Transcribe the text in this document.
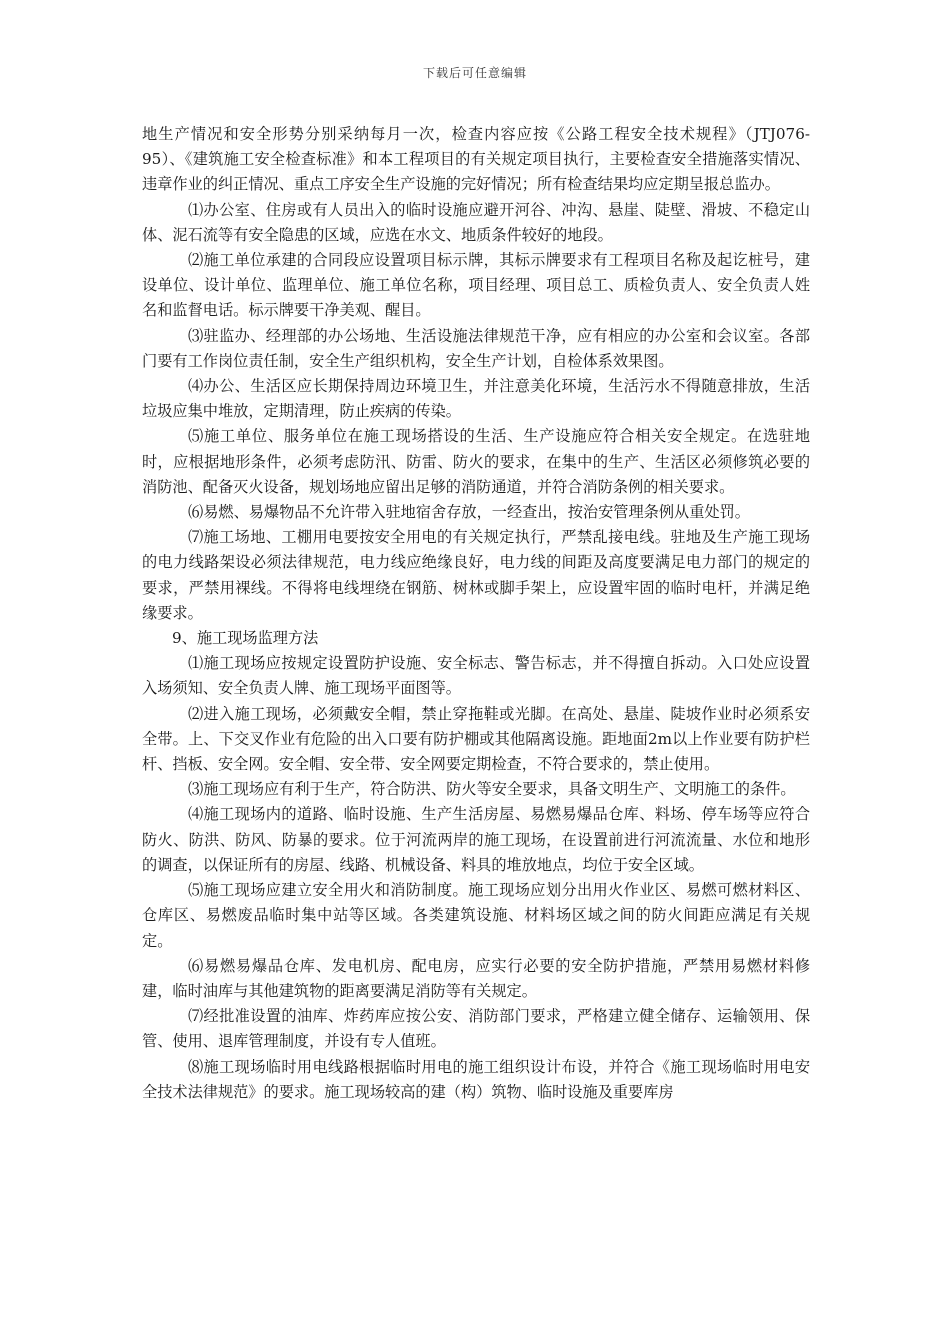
下载后可任意编辑

地生产情况和安全形势分别采纳每月一次，检查内容应按《公路工程安全技术规程》（JTJ076-95）、《建筑施工安全检查标准》和本工程项目的有关规定项目执行，主要检查安全措施落实情况、违章作业的纠正情况、重点工序安全生产设施的完好情况；所有检查结果均应定期呈报总监办。

⑴办公室、住房或有人员出入的临时设施应避开河谷、冲沟、悬崖、陡壁、滑坡、不稳定山体、泥石流等有安全隐患的区域，应选在水文、地质条件较好的地段。

⑵施工单位承建的合同段应设置项目标示牌，其标示牌要求有工程项目名称及起讫桩号，建设单位、设计单位、监理单位、施工单位名称，项目经理、项目总工、质检负责人、安全负责人姓名和监督电话。标示牌要干净美观、醒目。

⑶驻监办、经理部的办公场地、生活设施法律规范干净，应有相应的办公室和会议室。各部门要有工作岗位责任制，安全生产组织机构，安全生产计划，自检体系效果图。

⑷办公、生活区应长期保持周边环境卫生，并注意美化环境，生活污水不得随意排放，生活垃圾应集中堆放，定期清理，防止疾病的传染。

⑸施工单位、服务单位在施工现场搭设的生活、生产设施应符合相关安全规定。在选驻地时，应根据地形条件，必须考虑防汛、防雷、防火的要求，在集中的生产、生活区必须修筑必要的消防池、配备灭火设备，规划场地应留出足够的消防通道，并符合消防条例的相关要求。

⑹易燃、易爆物品不允许带入驻地宿舍存放，一经查出，按治安管理条例从重处罚。

⑺施工场地、工棚用电要按安全用电的有关规定执行，严禁乱接电线。驻地及生产施工现场的电力线路架设必须法律规范，电力线应绝缘良好，电力线的间距及高度要满足电力部门的规定的要求，严禁用裸线。不得将电线埋绕在钢筋、树林或脚手架上，应设置牢固的临时电杆，并满足绝缘要求。

9、施工现场监理方法

⑴施工现场应按规定设置防护设施、安全标志、警告标志，并不得擅自拆动。入口处应设置入场须知、安全负责人牌、施工现场平面图等。

⑵进入施工现场，必须戴安全帽，禁止穿拖鞋或光脚。在高处、悬崖、陡坡作业时必须系安全带。上、下交叉作业有危险的出入口要有防护棚或其他隔离设施。距地面2m以上作业要有防护栏杆、挡板、安全网。安全帽、安全带、安全网要定期检查，不符合要求的，禁止使用。

⑶施工现场应有利于生产，符合防洪、防火等安全要求，具备文明生产、文明施工的条件。

⑷施工现场内的道路、临时设施、生产生活房屋、易燃易爆品仓库、料场、停车场等应符合防火、防洪、防风、防暴的要求。位于河流两岸的施工现场，在设置前进行河流流量、水位和地形的调查，以保证所有的房屋、线路、机械设备、料具的堆放地点，均位于安全区域。

⑸施工现场应建立安全用火和消防制度。施工现场应划分出用火作业区、易燃可燃材料区、仓库区、易燃废品临时集中站等区域。各类建筑设施、材料场区域之间的防火间距应满足有关规定。

⑹易燃易爆品仓库、发电机房、配电房，应实行必要的安全防护措施，严禁用易燃材料修建，临时油库与其他建筑物的距离要满足消防等有关规定。

⑺经批准设置的油库、炸药库应按公安、消防部门要求，严格建立健全储存、运输领用、保管、使用、退库管理制度，并设有专人值班。

⑻施工现场临时用电线路根据临时用电的施工组织设计布设，并符合《施工现场临时用电安全技术法律规范》的要求。施工现场较高的建（构）筑物、临时设施及重要库房
